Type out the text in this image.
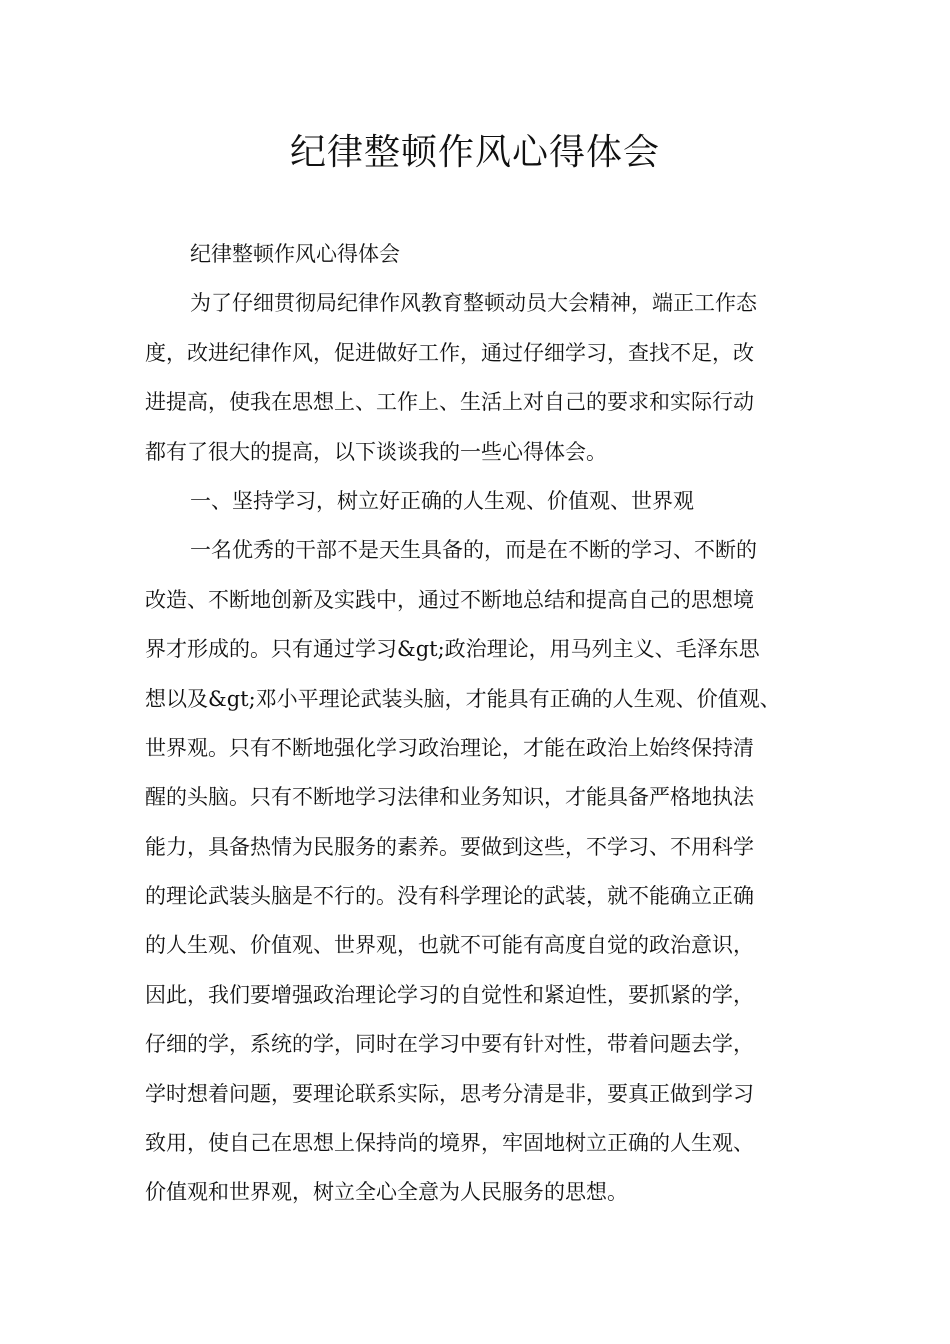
纪律整顿作风心得体会
纪律整顿作风心得体会
为了仔细贯彻局纪律作风教育整顿动员大会精神，端正工作态
度，改进纪律作风，促进做好工作，通过仔细学习，查找不足，改
进提高，使我在思想上、工作上、生活上对自己的要求和实际行动
都有了很大的提高，以下谈谈我的一些心得体会。
一、坚持学习，树立好正确的人生观、价值观、世界观
一名优秀的干部不是天生具备的，而是在不断的学习、不断的
改造、不断地创新及实践中，通过不断地总结和提高自己的思想境
界才形成的。只有通过学习&gt;政治理论，用马列主义、毛泽东思
想以及&gt;邓小平理论武装头脑，才能具有正确的人生观、价值观、
世界观。只有不断地强化学习政治理论，才能在政治上始终保持清
醒的头脑。只有不断地学习法律和业务知识，才能具备严格地执法
能力，具备热情为民服务的素养。要做到这些，不学习、不用科学
的理论武装头脑是不行的。没有科学理论的武装，就不能确立正确
的人生观、价值观、世界观，也就不可能有高度自觉的政治意识，
因此，我们要增强政治理论学习的自觉性和紧迫性，要抓紧的学，
仔细的学，系统的学，同时在学习中要有针对性，带着问题去学，
学时想着问题，要理论联系实际，思考分清是非，要真正做到学习
致用，使自己在思想上保持尚的境界，牢固地树立正确的人生观、
价值观和世界观，树立全心全意为人民服务的思想。
